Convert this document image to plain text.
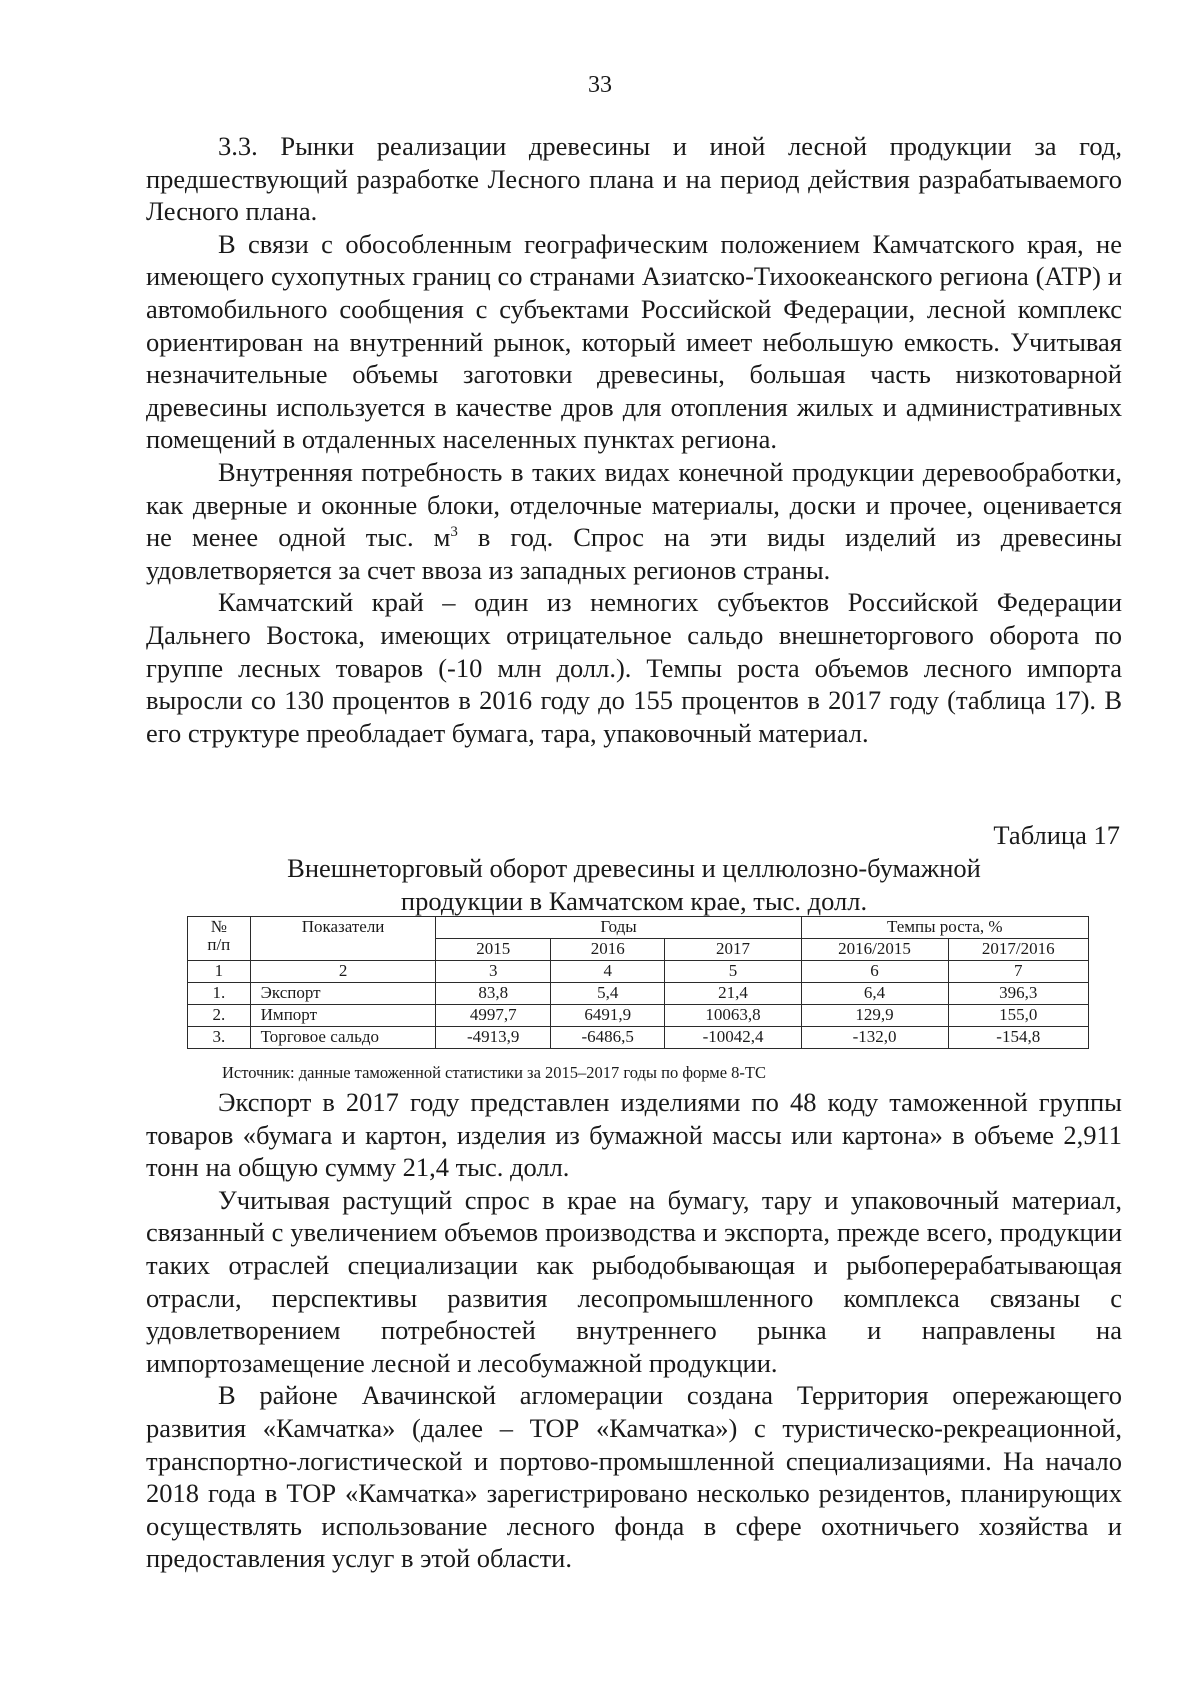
33

3.3. Рынки реализации древесины и иной лесной продукции за год, предшествующий разработке Лесного плана и на период действия разрабатываемого Лесного плана.

В связи с обособленным географическим положением Камчатского края, не имеющего сухопутных границ со странами Азиатско-Тихоокеанского региона (АТР) и автомобильного сообщения с субъектами Российской Федерации, лесной комплекс ориентирован на внутренний рынок, который имеет небольшую емкость. Учитывая незначительные объемы заготовки древесины, большая часть низкотоварной древесины используется в качестве дров для отопления жилых и административных помещений в отдаленных населенных пунктах региона.

Внутренняя потребность в таких видах конечной продукции деревообработки, как дверные и оконные блоки, отделочные материалы, доски и прочее, оценивается не менее одной тыс. $м^3$ в год. Спрос на эти виды изделий из древесины удовлетворяется за счет ввоза из западных регионов страны.

Камчатский край – один из немногих субъектов Российской Федерации Дальнего Востока, имеющих отрицательное сальдо внешнеторгового оборота по группе лесных товаров (-10 млн долл.). Темпы роста объемов лесного импорта выросли со 130 процентов в 2016 году до 155 процентов в 2017 году (таблица 17). В его структуре преобладает бумага, тара, упаковочный материал.

Таблица 17
Внешнеторговый оборот древесины и целлюлозно-бумажной
продукции в Камчатском крае, тыс. долл.
№
п/п	Показатели	Годы			Темпы роста, %	
		2015	2016	2017	2016/2015	2017/2016
1	2	3	4	5	6	7
1.	Экспорт	83,8	5,4	21,4	6,4	396,3
2.	Импорт	4997,7	6491,9	10063,8	129,9	155,0
3.	Торговое сальдо	-4913,9	-6486,5	-10042,4	-132,0	-154,8
Источник: данные таможенной статистики за 2015–2017 годы по форме 8-ТС

Экспорт в 2017 году представлен изделиями по 48 коду таможенной группы товаров «бумага и картон, изделия из бумажной массы или картона» в объеме 2,911 тонн на общую сумму 21,4 тыс. долл.

Учитывая растущий спрос в крае на бумагу, тару и упаковочный материал, связанный с увеличением объемов производства и экспорта, прежде всего, продукции таких отраслей специализации как рыбодобывающая и рыбоперерабатывающая отрасли, перспективы развития лесопромышленного комплекса связаны с удовлетворением потребностей внутреннего рынка и направлены на импортозамещение лесной и лесобумажной продукции.

В районе Авачинской агломерации создана Территория опережающего развития «Камчатка» (далее – ТОР «Камчатка») с туристическо-рекреационной, транспортно-логистической и портово-промышленной специализациями. На начало 2018 года в ТОР «Камчатка» зарегистрировано несколько резидентов, планирующих осуществлять использование лесного фонда в сфере охотничьего хозяйства и предоставления услуг в этой области.
